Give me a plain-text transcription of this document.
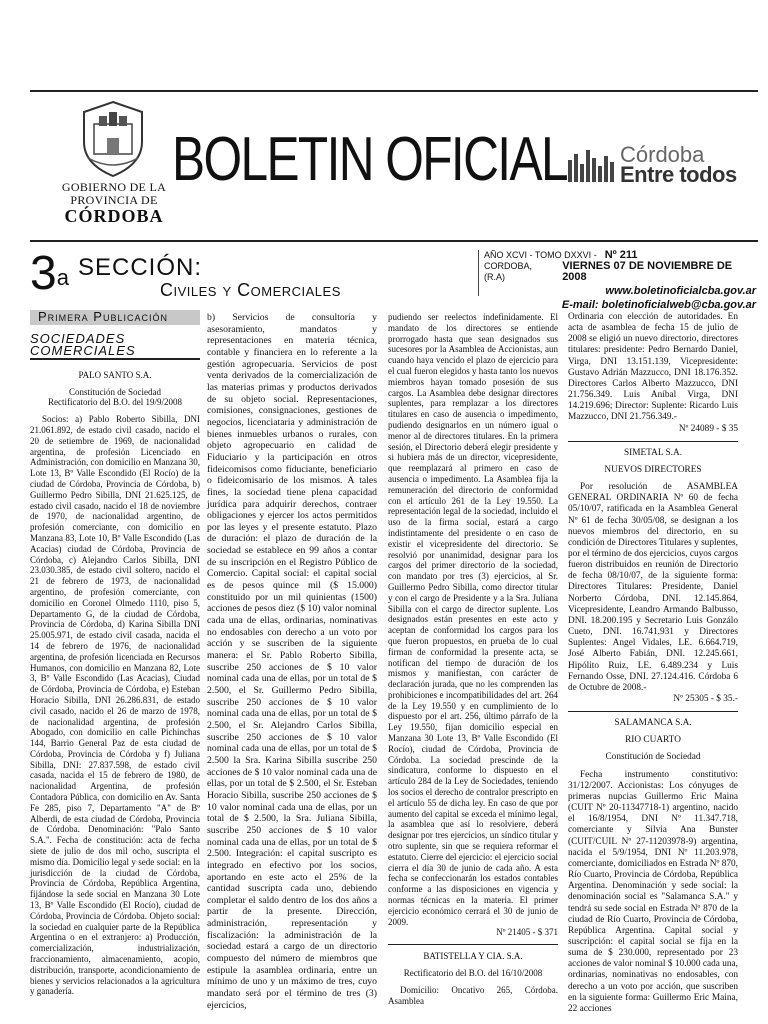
GOBIERNO DE LA
PROVINCIA DE
CÓRDOBA
BOLETIN OFICIAL Córdoba
Entre todos
3$^a$ SECCIÓN:
Civiles y Comerciales
AÑO XCVI - TOMO DXXVI - Nº 211
CORDOBA, (R.A)
VIERNES 07 DE NOVIEMBRE DE 2008
www.boletinoficialcba.gov.ar
E-mail: boletinoficialweb@cba.gov.ar
Primera Publicación
SOCIEDADES COMERCIALES

PALO SANTO S.A.

Constitución de Sociedad

Rectificatorio del B.O. del 19/9/2008

Socios: a) Pablo Roberto Sibilla, DNI 21.061.892, de estado civil casado, nacido el 20 de setiembre de 1969, de nacionalidad argentina, de profesión Licenciado en Administración, con domicilio en Manzana 30, Lote 13, Bº Valle Escondido (El Rocío) de la ciudad de Córdoba, Provincia de Córdoba, b) Guillermo Pedro Sibilla, DNI 21.625.125, de estado civil casado, nacido el 18 de noviembre de 1970, de nacionalidad argentino, de profesión comerciante, con domicilio en Manzana 83, Lote 10, Bº Valle Escondido (Las Acacias) ciudad de Córdoba, Provincia de Córdoba, c) Alejandro Carlos Sibilla, DNI 23.030.385, de estado civil soltero, nacido el 21 de febrero de 1973, de nacionalidad argentino, de profesión comerciante, con domicilio en Coronel Olmedo 1110, piso 5, Departamento G, de la ciudad de Córdoba, Provincia de Córdoba, d) Karina Sibilla DNI 25.005.971, de estado civil casada, nacida el 14 de febrero de 1976, de nacionalidad argentina, de profesión licenciada en Recursos Humanos, con domicilio en Manzana 82, Lote 3, Bº Valle Escondido (Las Acacias), Ciudad de Córdoba, Provincia de Córdoba, e) Esteban Horacio Sibilla, DNI 26.286.831, de estado civil casado, nacido el 26 de marzo de 1978, de nacionalidad argentina, de profesión Abogado, con domicilio en calle Pichinchas 144, Barrio General Paz de esta ciudad de Córdoba, Provincia de Córdoba y f) Juliana Sibilla, DNI: 27.837.598, de estado civil casada, nacida el 15 de febrero de 1980, de nacionalidad Argentina, de profesión Contadora Pública, con domicilio en Av. Santa Fe 285, piso 7, Departamento "A" de Bº Alberdi, de esta ciudad de Córdoba, Provincia de Córdoba. Denominación: "Palo Santo S.A.". Fecha de constitución: acta de fecha siete de julio de dos mil ocho, suscripta el mismo día. Domicilio legal y sede social: en la jurisdicción de la ciudad de Córdoba, Provincia de Córdoba, República Argentina, fijándose la sede social en Manzana 30 Lote 13, Bº Valle Escondido (El Rocío), ciudad de Córdoba, Provincia de Córdoba. Objeto social: la sociedad en cualquier parte de la República Argentina o en el extranjero: a) Producción, comercialización, industrialización, fraccionamiento, almacenamiento, acopio, distribución, transporte, acondicionamiento de bienes y servicios relacionados a la agricultura y ganadería.

b) Servicios de consultoría y asesoramiento, mandatos y representaciones en materia técnica, contable y financiera en lo referente a la gestión agropecuaria. Servicios de post venta derivados de la comercialización de las materias primas y productos derivados de su objeto social. Representaciones, comisiones, consignaciones, gestiones de negocios, licenciataria y administración de bienes inmuebles urbanos o rurales, con objeto agropecuario en calidad de Fiduciario y la participación en otros fideicomisos como fiduciante, beneficiario o fideicomisario de los mismos. A tales fines, la sociedad tiene plena capacidad jurídica para adquirir derechos, contraer obligaciones y ejercer los actos permitidos por las leyes y el presente estatuto. Plazo de duración: el plazo de duración de la sociedad se establece en 99 años a contar de su inscripción en el Registro Público de Comercio. Capital social: el capital social es de pesos quince mil ($ 15.000) constituido por un mil quinientas (1500) acciones de pesos diez ($ 10) valor nominal cada una de ellas, ordinarias, nominativas no endosables con derecho a un voto por acción y se suscriben de la siguiente manera: el Sr. Pablo Roberto Sibilla, suscribe 250 acciones de $ 10 valor nominal cada una de ellas, por un total de $ 2.500, el Sr. Guillermo Pedro Sibilla, suscribe 250 acciones de $ 10 valor nominal cada una de ellas, por un total de $ 2.500, el Sr. Alejandro Carlos Sibilla, suscribe 250 acciones de $ 10 valor nominal cada una de ellas, por un total de $ 2.500 la Sra. Karina Sibilla suscribe 250 acciones de $ 10 valor nominal cada una de ellas, por un total de $ 2.500, el Sr. Esteban Horacio Sibilla, suscribe 250 acciones de $ 10 valor nominal cada una de ellas, por un total de $ 2.500, la Sra. Juliana Sibilla, suscribe 250 acciones de $ 10 valor nominal cada una de ellas, por un total de $ 2.500. Integración: el capital suscripto es integrado en efectivo por los socios, aportando en este acto el 25% de la cantidad suscripta cada uno, debiendo completar el saldo dentro de los dos años a partir de la presente. Dirección, administración, representación y fiscalización: la administración de la sociedad estará a cargo de un directorio compuesto del número de miembros que estipule la asamblea ordinaria, entre un mínimo de uno y un máximo de tres, cuyo mandato será por el término de tres (3) ejercicios,

pudiendo ser reelectos indefinidamente. El mandato de los directores se entiende prorrogado hasta que sean designados sus sucesores por la Asamblea de Accionistas, aun cuando haya vencido el plazo de ejercicio para el cual fueron elegidos y hasta tanto los nuevos miembros hayan tomado posesión de sus cargos. La Asamblea debe designar directores suplentes, para remplazar a los directores titulares en caso de ausencia o impedimento, pudiendo designarlos en un número igual o menor al de directores titulares. En la primera sesión, el Directorio deberá elegir presidente y si hubiera más de un director, vicepresidente, que reemplazará al primero en caso de ausencia o impedimento. La Asamblea fija la remuneración del directorio de conformidad con el artículo 261 de la Ley 19.550. La representación legal de la sociedad, incluido el uso de la firma social, estará a cargo indistintamente del presidente o en caso de existir el vicepresidente del directorio. Se resolvió por unanimidad, designar para los cargos del primer directorio de la sociedad, con mandato por tres (3) ejercicios, al Sr. Guillermo Pedro Sibilla, como director titular y con el cargo de Presidente y a la Sra. Juliana Sibilla con el cargo de director suplente. Los designados están presentes en este acto y aceptan de conformidad los cargos para los que fueron propuestos, en prueba de lo cual firman de conformidad la presente acta, se notifican del tiempo de duración de los mismos y manifiestan, con carácter de declaración jurada, que no les comprenden las prohibiciones e incompatibilidades del art. 264 de la Ley 19.550 y en cumplimiento de lo dispuesto por el art. 256, último párrafo de la Ley 19.550, fijan domicilio especial en Manzana 30 Lote 13, Bº Valle Escondido (El Rocío), ciudad de Córdoba, Provincia de Córdoba. La sociedad prescinde de la sindicatura, conforme lo dispuesto en el artículo 284 de la Ley de Sociedades, teniendo los socios el derecho de contralor prescripto en el artículo 55 de dicha ley. En caso de que por aumento del capital se exceda el mínimo legal, la asamblea que así lo resolviere, deberá designar por tres ejercicios, un síndico titular y otro suplente, sin que se requiera reformar el estatuto. Cierre del ejercicio: el ejercicio social cierra el día 30 de junio de cada año. A esta fecha se confeccionarán los estados contables conforme a las disposiciones en vigencia y normas técnicas en la materia. El primer ejercicio económico cerrará el 30 de junio de 2009.

Nº 21405 - $ 371

BATISTELLA Y CIA. S.A.

Rectificatorio del B.O. del 16/10/2008

Domicilio: Oncativo 265, Córdoba. Asamblea

Ordinaria con elección de autoridades. En acta de asamblea de fecha 15 de julio de 2008 se eligió un nuevo directorio, directores titulares: presidente: Pedro Bernardo Daniel, Virga, DNI 13.151.139, Vicepresidente: Gustavo Adrián Mazzucco, DNI 18.176.352. Directores Carlos Alberto Mazzucco, DNI 21.756.349. Luis Aníbal Virga, DNI 14.219.696; Director: Suplente: Ricardo Luis Mazzucco, DNI 21.756.349.-

Nº 24089 - $ 35

SIMETAL S.A.

NUEVOS DIRECTORES

Por resolución de ASAMBLEA GENERAL ORDINARIA Nº 60 de fecha 05/10/07, ratificada en la Asamblea General Nº 61 de fecha 30/05/08, se designan a los nuevos miembros del directorio, en su condición de Directores Titulares y suplentes, por el término de dos ejercicios, cuyos cargos fueron distribuidos en reunión de Directorio de fecha 08/10/07, de la siguiente forma: Directores Titulares: Presidente, Daniel Norberto Córdoba, DNI. 12.145.864, Vicepresidente, Leandro Armando Balbusso, DNI. 18.200.195 y Secretario Luis Gonzálo Cueto, DNI. 16.741.931 y Directores Suplentes: Angel Vidales, LE. 6.664.719, José Alberto Fabián, DNI. 12.245.661, Hipólito Ruiz, LE. 6.489.234 y Luis Fernando Osse, DNI. 27.124.416. Córdoba 6 de Octubre de 2008.-

Nº 25305 - $ 35.-

SALAMANCA S.A.

RIO CUARTO

Constitución de Sociedad

Fecha instrumento constitutivo: 31/12/2007. Accionistas: Los cónyuges de primeras nupcias Guillermo Eric Maina (CUIT Nº 20-11347718-1) argentino, nacido el 16/8/1954, DNI Nº 11.347.718, comerciante y Silvia Ana Bunster (CUIT/CUIL Nº 27-11203978-9) argentina, nacida el 5/9/1954, DNI Nº 11.203.978, comerciante, domiciliados en Estrada Nº 870, Río Cuarto, Provincia de Córdoba, República Argentina. Denominación y sede social: la denominación social es "Salamanca S.A." y tendrá su sede social en Estrada Nº 870 de la ciudad de Río Cuarto, Provincia de Córdoba, República Argentina. Capital social y suscripción: el capital social se fija en la suma de $ 230.000, representado por 23 acciones de valor nominal $ 10.000 cada una, ordinarias, nominativas no endosables, con derecho a un voto por acción, que suscriben en la siguiente forma: Guillermo Eric Maina, 22 acciones
